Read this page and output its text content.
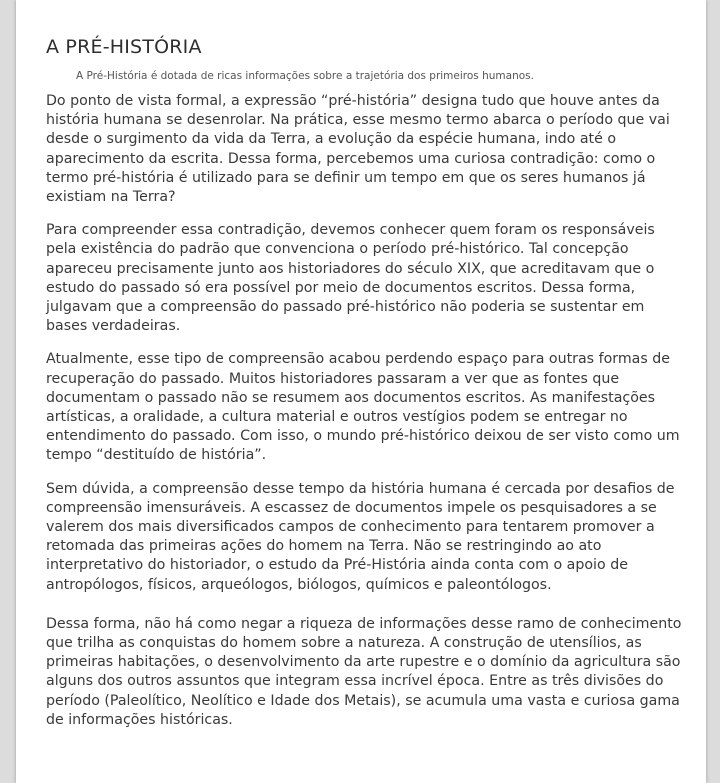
A PRÉ-HISTÓRIA
A Pré-História é dotada de ricas informações sobre a trajetória dos primeiros humanos.

Do ponto de vista formal, a expressão “pré-história” designa tudo que houve antes da história humana se desenrolar. Na prática, esse mesmo termo abarca o período que vai desde o surgimento da vida da Terra, a evolução da espécie humana, indo até o aparecimento da escrita. Dessa forma, percebemos uma curiosa contradição: como o termo pré-história é utilizado para se definir um tempo em que os seres humanos já existiam na Terra?

Para compreender essa contradição, devemos conhecer quem foram os responsáveis pela existência do padrão que convenciona o período pré-histórico. Tal concepção apareceu precisamente junto aos historiadores do século XIX, que acreditavam que o estudo do passado só era possível por meio de documentos escritos. Dessa forma, julgavam que a compreensão do passado pré-histórico não poderia se sustentar em bases verdadeiras.

Atualmente, esse tipo de compreensão acabou perdendo espaço para outras formas de recuperação do passado. Muitos historiadores passaram a ver que as fontes que documentam o passado não se resumem aos documentos escritos. As manifestações artísticas, a oralidade, a cultura material e outros vestígios podem se entregar no entendimento do passado. Com isso, o mundo pré-histórico deixou de ser visto como um tempo “destituído de história”.

Sem dúvida, a compreensão desse tempo da história humana é cercada por desafios de compreensão imensuráveis. A escassez de documentos impele os pesquisadores a se valerem dos mais diversificados campos de conhecimento para tentarem promover a retomada das primeiras ações do homem na Terra. Não se restringindo ao ato interpretativo do historiador, o estudo da Pré-História ainda conta com o apoio de antropólogos, físicos, arqueólogos, biólogos, químicos e paleontólogos.

Dessa forma, não há como negar a riqueza de informações desse ramo de conhecimento que trilha as conquistas do homem sobre a natureza. A construção de utensílios, as primeiras habitações, o desenvolvimento da arte rupestre e o domínio da agricultura são alguns dos outros assuntos que integram essa incrível época. Entre as três divisões do período (Paleolítico, Neolítico e Idade dos Metais), se acumula uma vasta e curiosa gama de informações históricas.
